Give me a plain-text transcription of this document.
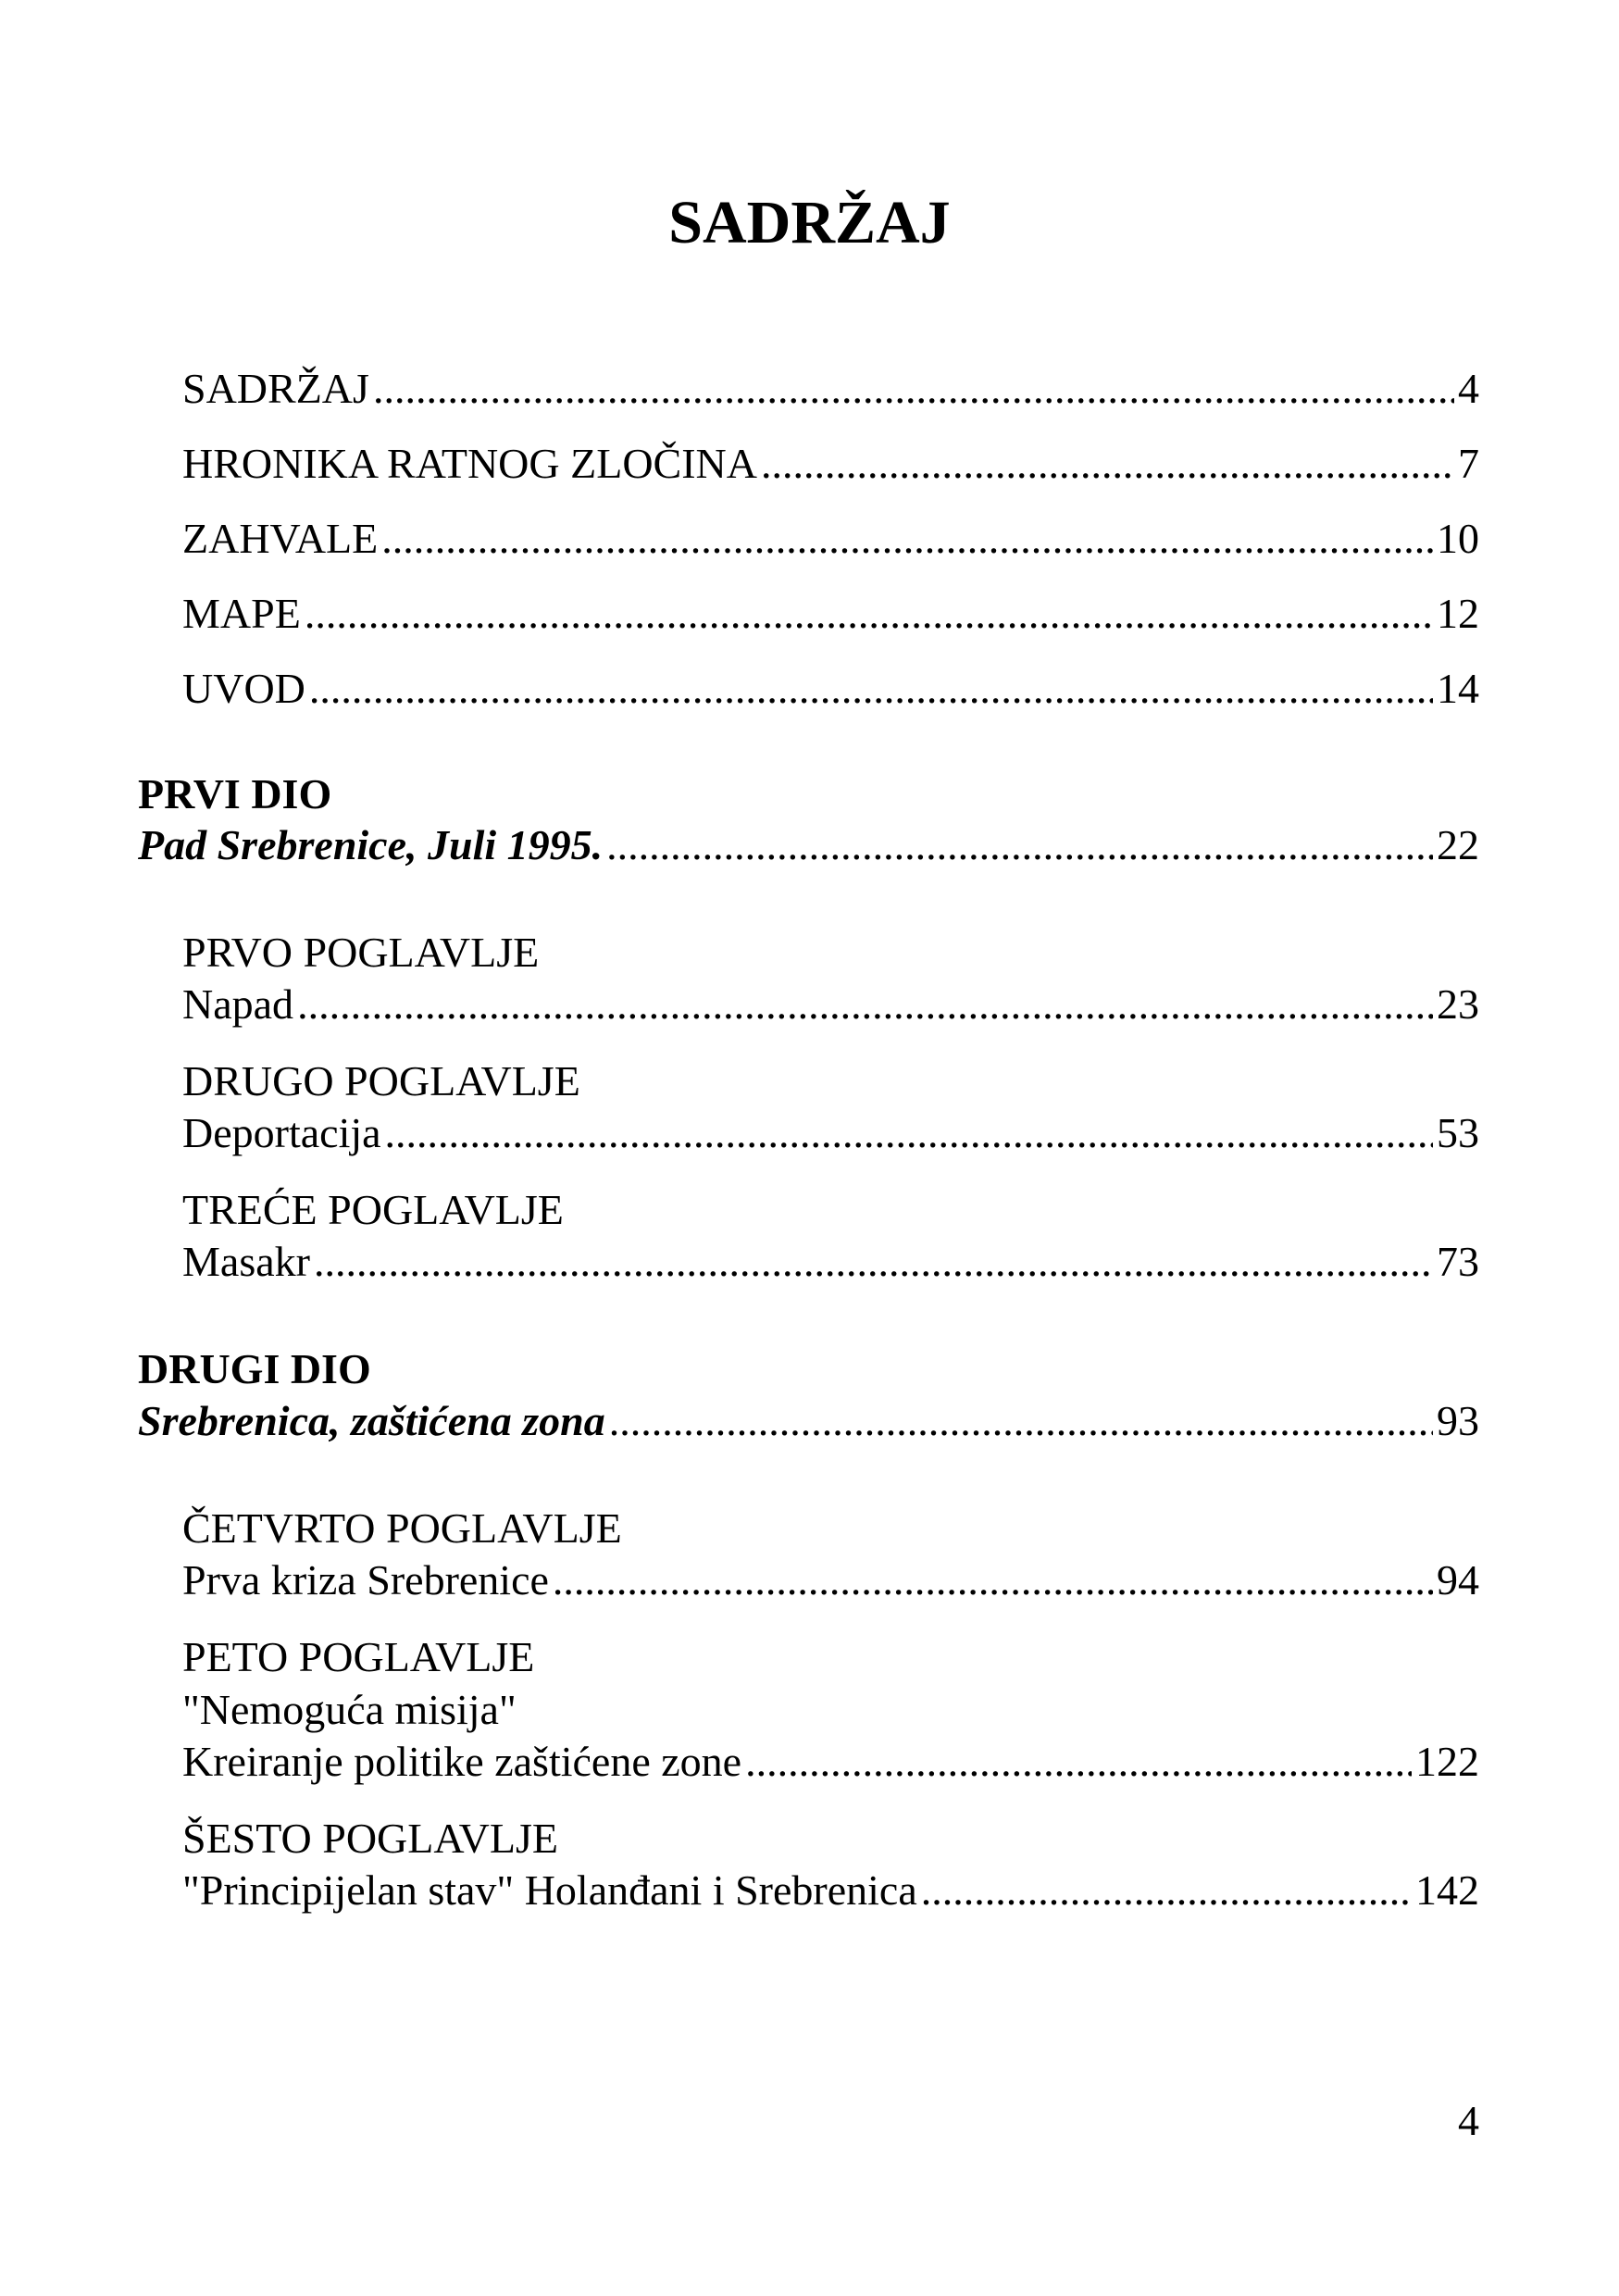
SADRŽAJ
SADRŽAJ .....	4
HRONIKA RATNOG ZLOČINA .....	7
ZAHVALE .....	10
MAPE .....	12
UVOD .....	14
PRVI DIO
Pad Srebrenice, Juli 1995. .....	22
PRVO POGLAVLJE
Napad .....	23
DRUGO POGLAVLJE
Deportacija .....	53
TREĆE POGLAVLJE
Masakr .....	73
DRUGI DIO
Srebrenica, zaštićena zona .....	93
ČETVRTO POGLAVLJE
Prva kriza Srebrenice .....	94
PETO POGLAVLJE
"Nemoguća misija"
Kreiranje politike zaštićene zone .....	122
ŠESTO POGLAVLJE
"Principijelan stav" Holanđani i Srebrenica .....	142
4
